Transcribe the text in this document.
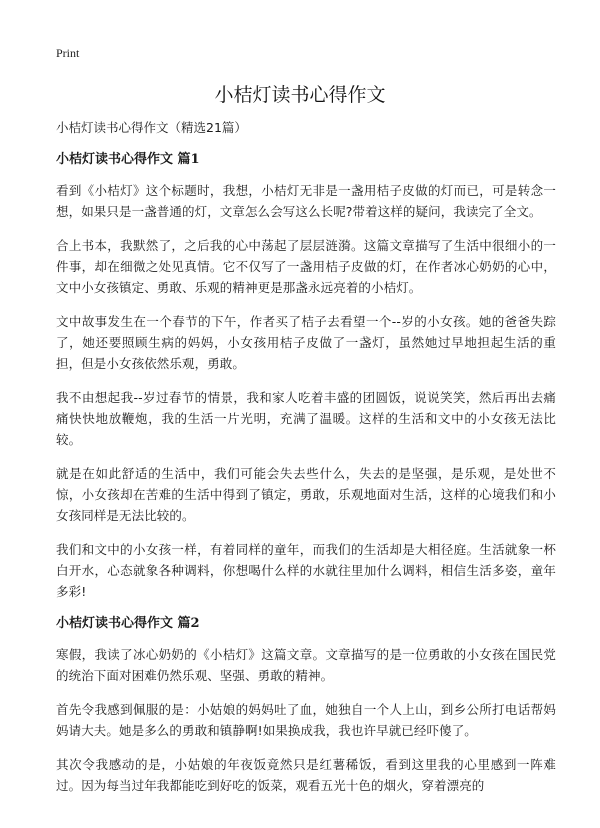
Print
小桔灯读书心得作文

小桔灯读书心得作文（精选21篇）

小桔灯读书心得作文 篇1

看到《小桔灯》这个标题时，我想，小桔灯无非是一盏用桔子皮做的灯而已，可是转念一想，如果只是一盏普通的灯，文章怎么会写这么长呢?带着这样的疑问，我读完了全文。

合上书本，我默然了，之后我的心中荡起了层层涟漪。这篇文章描写了生活中很细小的一件事，却在细微之处见真情。它不仅写了一盏用桔子皮做的灯，在作者冰心奶奶的心中，文中小女孩镇定、勇敢、乐观的精神更是那盏永远亮着的小桔灯。

文中故事发生在一个春节的下午，作者买了桔子去看望一个--岁的小女孩。她的爸爸失踪了，她还要照顾生病的妈妈，小女孩用桔子皮做了一盏灯，虽然她过早地担起生活的重担，但是小女孩依然乐观，勇敢。

我不由想起我--岁过春节的情景，我和家人吃着丰盛的团圆饭，说说笑笑，然后再出去痛痛快快地放鞭炮，我的生活一片光明，充满了温暖。这样的生活和文中的小女孩无法比较。

就是在如此舒适的生活中，我们可能会失去些什么，失去的是坚强，是乐观，是处世不惊，小女孩却在苦难的生活中得到了镇定，勇敢，乐观地面对生活，这样的心境我们和小女孩同样是无法比较的。

我们和文中的小女孩一样，有着同样的童年，而我们的生活却是大相径庭。生活就象一杯白开水，心态就象各种调料，你想喝什么样的水就往里加什么调料，相信生活多姿，童年多彩!

小桔灯读书心得作文 篇2

寒假，我读了冰心奶奶的《小桔灯》这篇文章。文章描写的是一位勇敢的小女孩在国民党的统治下面对困难仍然乐观、坚强、勇敢的精神。

首先令我感到佩服的是：小姑娘的妈妈吐了血，她独自一个人上山，到乡公所打电话帮妈妈请大夫。她是多么的勇敢和镇静啊!如果换成我，我也许早就已经吓傻了。

其次令我感动的是，小姑娘的年夜饭竟然只是红薯稀饭，看到这里我的心里感到一阵难过。因为每当过年我都能吃到好吃的饭菜，观看五光十色的烟火，穿着漂亮的
